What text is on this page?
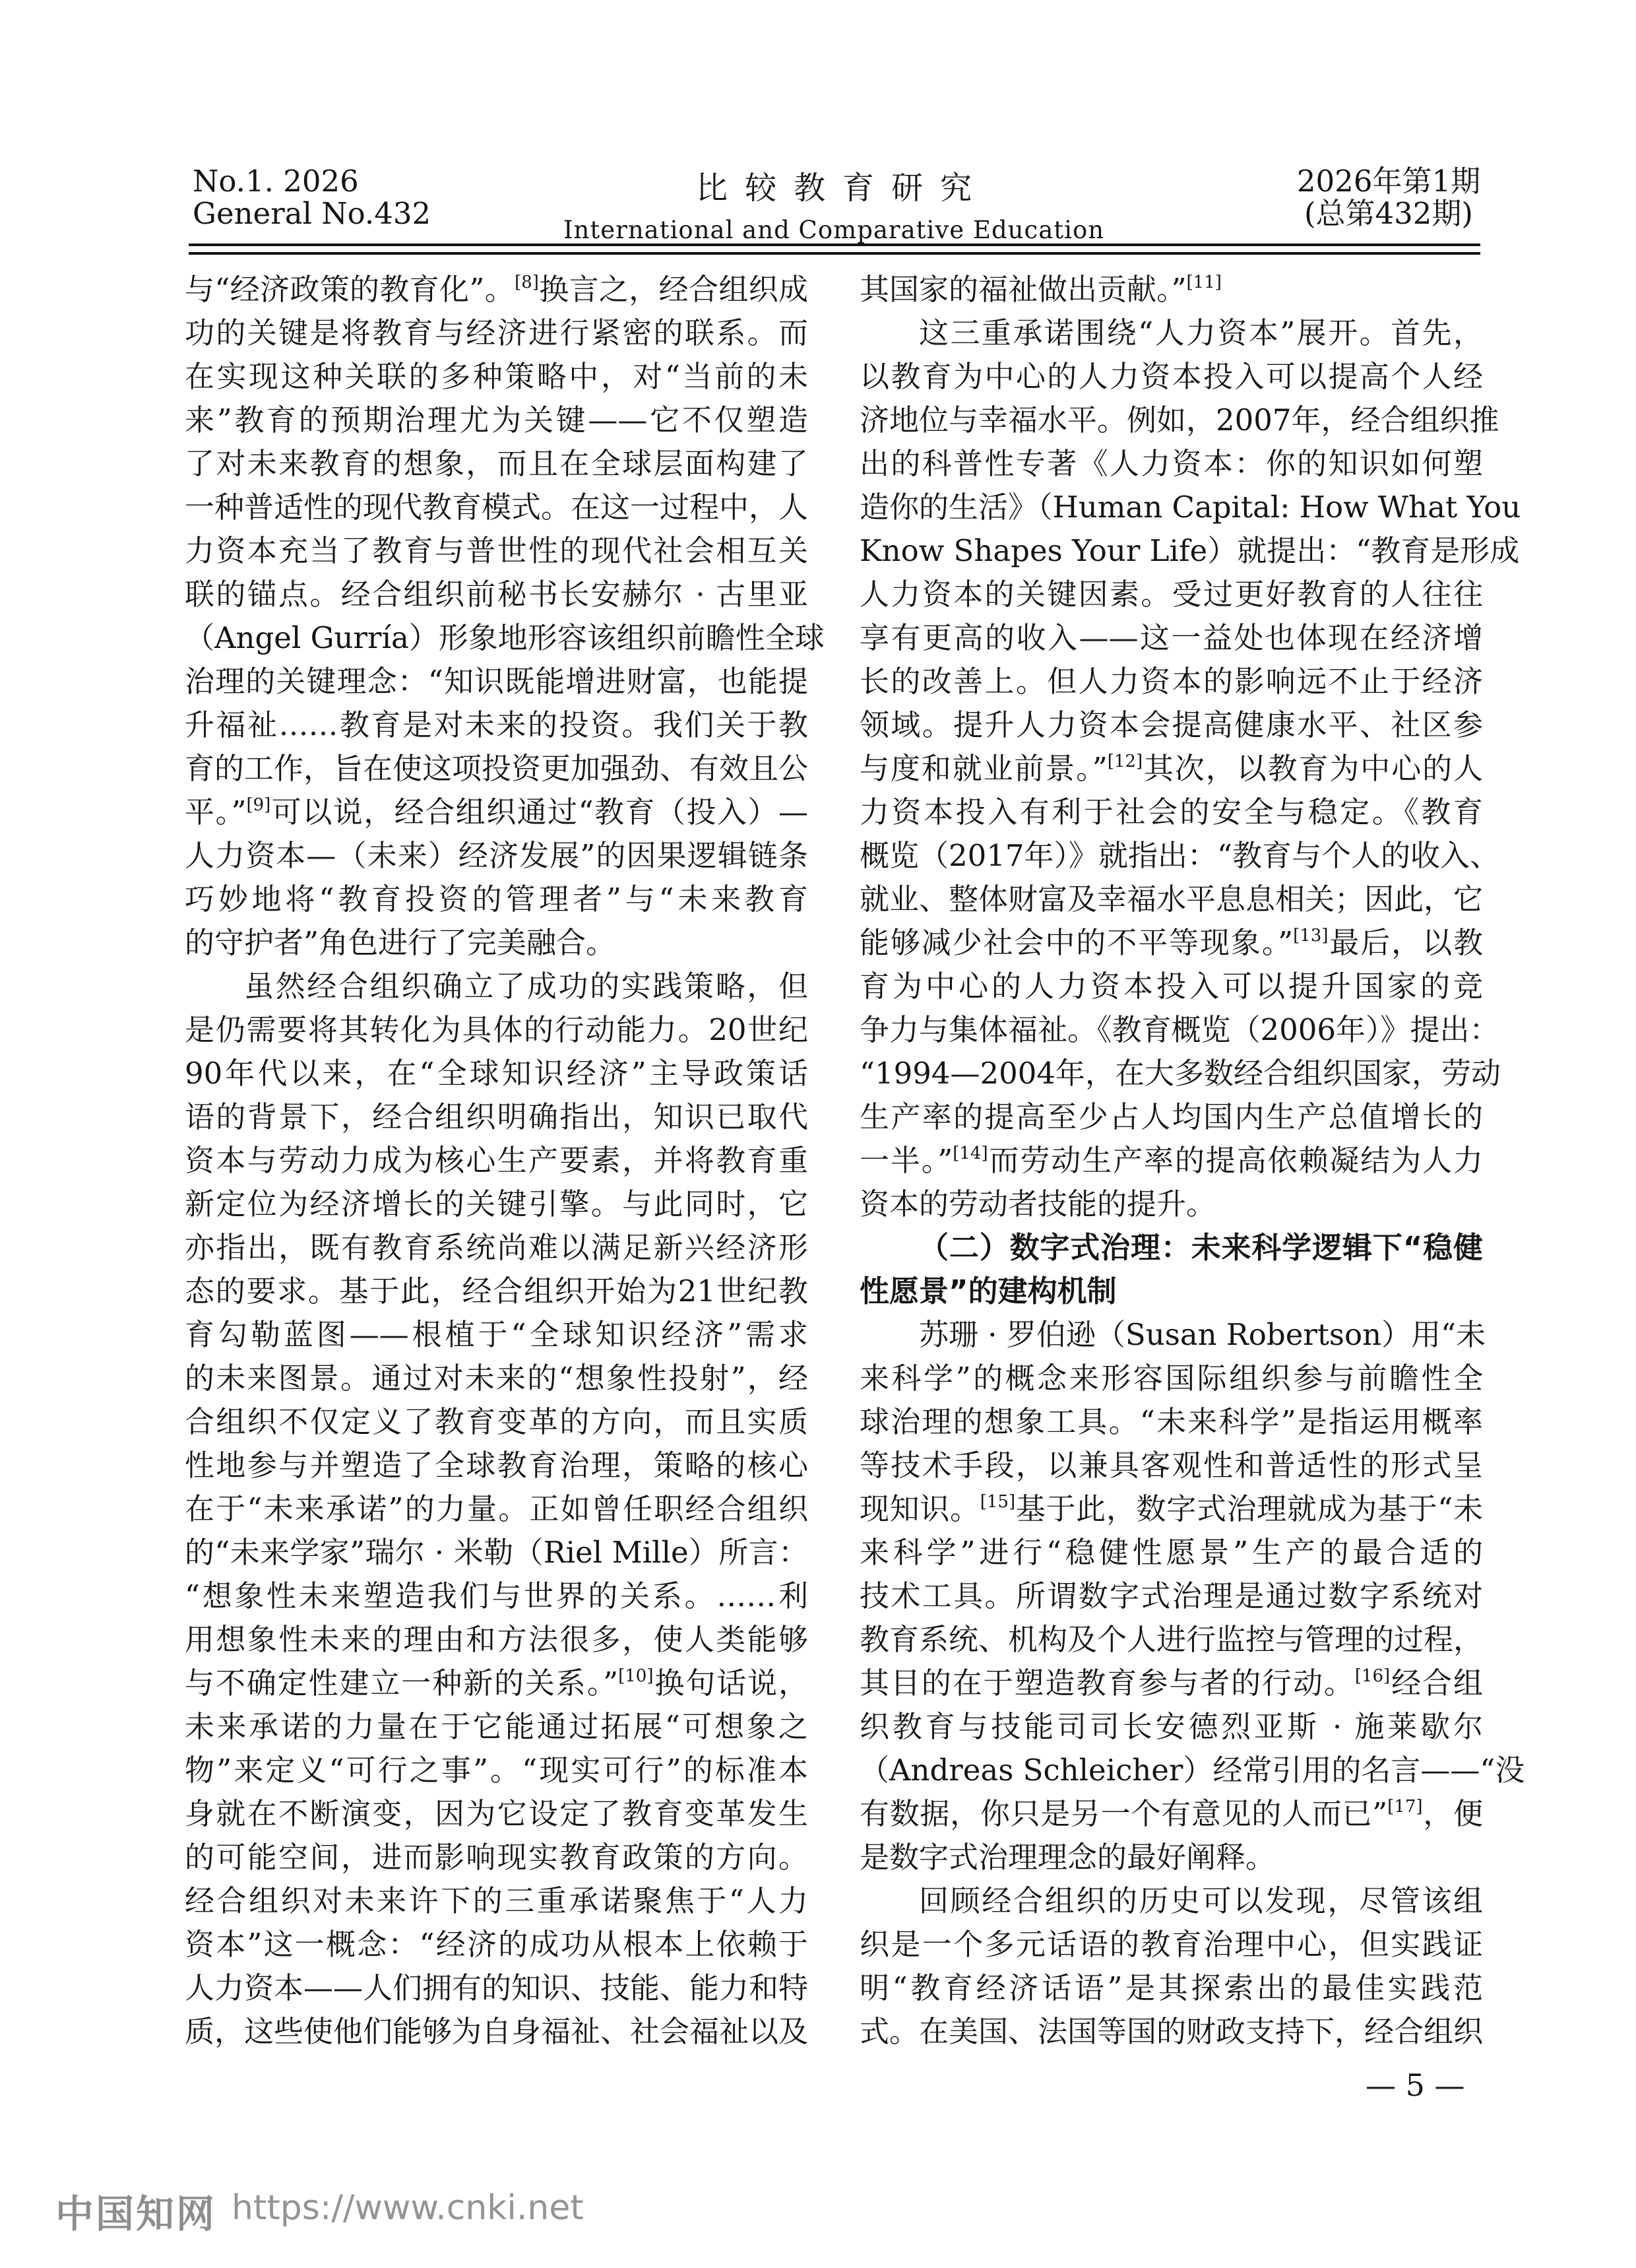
No.1. 2026
General No.432
比较教育研究
International and Comparative Education
2026年第1期
(总第432期)
与“经济政策的教育化”。[8]换言之，经合组织成
功的关键是将教育与经济进行紧密的联系。而
在实现这种关联的多种策略中，对“当前的未
来”教育的预期治理尤为关键——它不仅塑造
了对未来教育的想象，而且在全球层面构建了
一种普适性的现代教育模式。在这一过程中，人
力资本充当了教育与普世性的现代社会相互关
联的锚点。经合组织前秘书长安赫尔 · 古里亚
（Angel Gurría）形象地形容该组织前瞻性全球
治理的关键理念：“知识既能增进财富，也能提
升福祉……教育是对未来的投资。我们关于教
育的工作，旨在使这项投资更加强劲、有效且公
平。”[9]可以说，经合组织通过“教育（投入）—
人力资本—（未来）经济发展”的因果逻辑链条
巧妙地将“教育投资的管理者”与“未来教育
的守护者”角色进行了完美融合。
虽然经合组织确立了成功的实践策略，但
是仍需要将其转化为具体的行动能力。20世纪
90年代以来，在“全球知识经济”主导政策话
语的背景下，经合组织明确指出，知识已取代
资本与劳动力成为核心生产要素，并将教育重
新定位为经济增长的关键引擎。与此同时，它
亦指出，既有教育系统尚难以满足新兴经济形
态的要求。基于此，经合组织开始为21世纪教
育勾勒蓝图——根植于“全球知识经济”需求
的未来图景。通过对未来的“想象性投射”，经
合组织不仅定义了教育变革的方向，而且实质
性地参与并塑造了全球教育治理，策略的核心
在于“未来承诺”的力量。正如曾任职经合组织
的“未来学家”瑞尔 · 米勒（Riel Mille）所言：
“想象性未来塑造我们与世界的关系。……利
用想象性未来的理由和方法很多，使人类能够
与不确定性建立一种新的关系。”[10]换句话说，
未来承诺的力量在于它能通过拓展“可想象之
物”来定义“可行之事”。“现实可行”的标准本
身就在不断演变，因为它设定了教育变革发生
的可能空间，进而影响现实教育政策的方向。
经合组织对未来许下的三重承诺聚焦于“人力
资本”这一概念：“经济的成功从根本上依赖于
人力资本——人们拥有的知识、技能、能力和特
质，这些使他们能够为自身福祉、社会福祉以及
其国家的福祉做出贡献。”[11]
这三重承诺围绕“人力资本”展开。首先，
以教育为中心的人力资本投入可以提高个人经
济地位与幸福水平。例如，2007年，经合组织推
出的科普性专著《人力资本：你的知识如何塑
造你的生活》（Human Capital: How What You
Know Shapes Your Life）就提出：“教育是形成
人力资本的关键因素。受过更好教育的人往往
享有更高的收入——这一益处也体现在经济增
长的改善上。但人力资本的影响远不止于经济
领域。提升人力资本会提高健康水平、社区参
与度和就业前景。”[12]其次，以教育为中心的人
力资本投入有利于社会的安全与稳定。《教育
概览（2017年）》就指出：“教育与个人的收入、
就业、整体财富及幸福水平息息相关；因此，它
能够减少社会中的不平等现象。”[13]最后，以教
育为中心的人力资本投入可以提升国家的竞
争力与集体福祉。《教育概览（2006年）》提出：
“1994—2004年，在大多数经合组织国家，劳动
生产率的提高至少占人均国内生产总值增长的
一半。”[14]而劳动生产率的提高依赖凝结为人力
资本的劳动者技能的提升。
（二）数字式治理：未来科学逻辑下“稳健
性愿景”的建构机制
苏珊 · 罗伯逊（Susan Robertson）用“未
来科学”的概念来形容国际组织参与前瞻性全
球治理的想象工具。“未来科学”是指运用概率
等技术手段，以兼具客观性和普适性的形式呈
现知识。[15]基于此，数字式治理就成为基于“未
来科学”进行“稳健性愿景”生产的最合适的
技术工具。所谓数字式治理是通过数字系统对
教育系统、机构及个人进行监控与管理的过程，
其目的在于塑造教育参与者的行动。[16]经合组
织教育与技能司司长安德烈亚斯 · 施莱歇尔
（Andreas Schleicher）经常引用的名言——“没
有数据，你只是另一个有意见的人而已”[17]，便
是数字式治理理念的最好阐释。
回顾经合组织的历史可以发现，尽管该组
织是一个多元话语的教育治理中心，但实践证
明“教育经济话语”是其探索出的最佳实践范
式。在美国、法国等国的财政支持下，经合组织
— 5 —
中国知网 https://www.cnki.net
